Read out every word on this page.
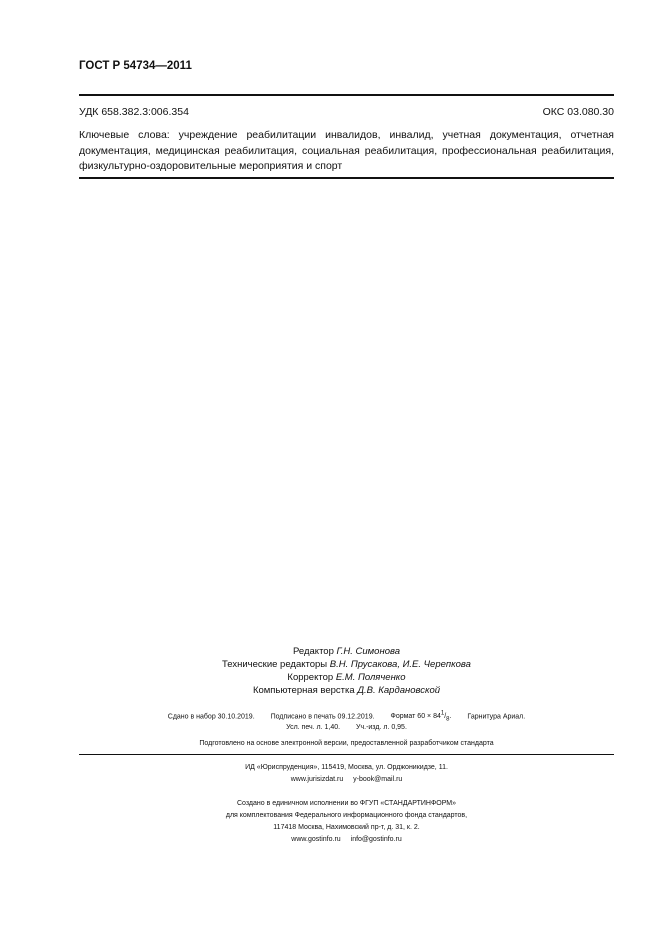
ГОСТ Р 54734—2011
УДК 658.382.3:006.354	ОКС 03.080.30
Ключевые слова: учреждение реабилитации инвалидов, инвалид, учетная документация, отчетная документация, медицинская реабилитация, социальная реабилитация, профессиональная реабилитация, физкультурно-оздоровительные мероприятия и спорт
Редактор Г.Н. Симонова
Технические редакторы В.Н. Прусакова, И.Е. Черепкова
Корректор Е.М. Поляченко
Компьютерная верстка Д.В. Кардановской
Сдано в набор 30.10.2019. Подписано в печать 09.12.2019. Формат $60 \times 84^1/_8$. Гарнитура Ариал.
Усл. печ. л. 1,40. Уч.-изд. л. 0,95.
Подготовлено на основе электронной версии, предоставленной разработчиком стандарта
ИД «Юриспруденция», 115419, Москва, ул. Орджоникидзе, 11.
www.jurisizdat.ru y-book@mail.ru
Создано в единичном исполнении во ФГУП «СТАНДАРТИНФОРМ»
для комплектования Федерального информационного фонда стандартов,
117418 Москва, Нахимовский пр-т, д. 31, к. 2.
www.gostinfo.ru info@gostinfo.ru
